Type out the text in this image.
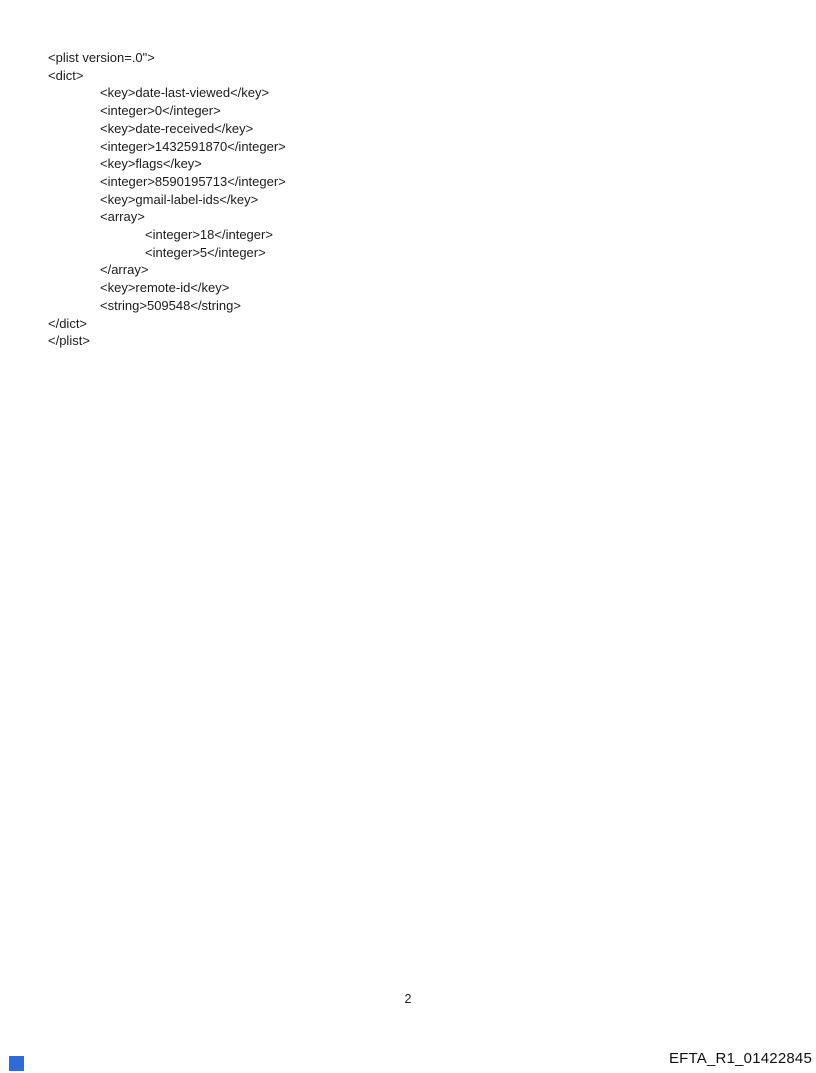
<plist version=.0">
<dict>
<key>date-last-viewed</key>
<integer>0</integer>
<key>date-received</key>
<integer>1432591870</integer>
<key>flags</key>
<integer>8590195713</integer>
<key>gmail-label-ids</key>
<array>
<integer>18</integer>
<integer>5</integer>
</array>
<key>remote-id</key>
<string>509548</string>
</dict>
</plist>
2
EFTA_R1_01422845
